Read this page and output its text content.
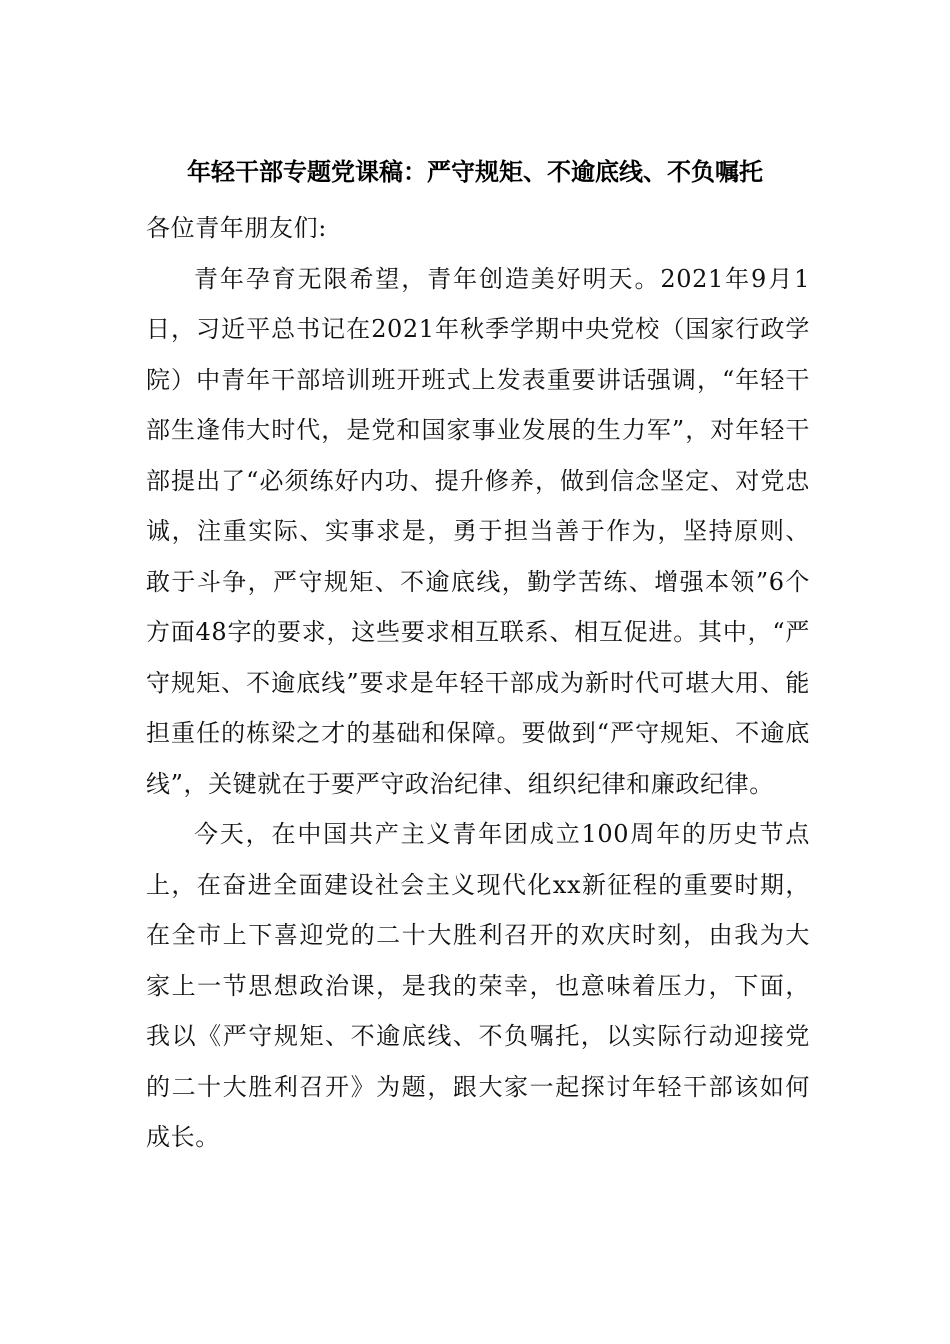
年轻干部专题党课稿：严守规矩、不逾底线、不负嘱托

各位青年朋友们:

青年孕育无限希望，青年创造美好明天。2021年9月1日，习近平总书记在2021年秋季学期中央党校（国家行政学院）中青年干部培训班开班式上发表重要讲话强调，“年轻干部生逢伟大时代，是党和国家事业发展的生力军”，对年轻干部提出了“必须练好内功、提升修养，做到信念坚定、对党忠诚，注重实际、实事求是，勇于担当善于作为，坚持原则、敢于斗争，严守规矩、不逾底线，勤学苦练、增强本领”6个方面48字的要求，这些要求相互联系、相互促进。其中，“严守规矩、不逾底线”要求是年轻干部成为新时代可堪大用、能担重任的栋梁之才的基础和保障。要做到“严守规矩、不逾底线”，关键就在于要严守政治纪律、组织纪律和廉政纪律。

今天，在中国共产主义青年团成立100周年的历史节点上，在奋进全面建设社会主义现代化xx新征程的重要时期，在全市上下喜迎党的二十大胜利召开的欢庆时刻，由我为大家上一节思想政治课，是我的荣幸，也意味着压力，下面，我以《严守规矩、不逾底线、不负嘱托，以实际行动迎接党的二十大胜利召开》为题，跟大家一起探讨年轻干部该如何成长。
